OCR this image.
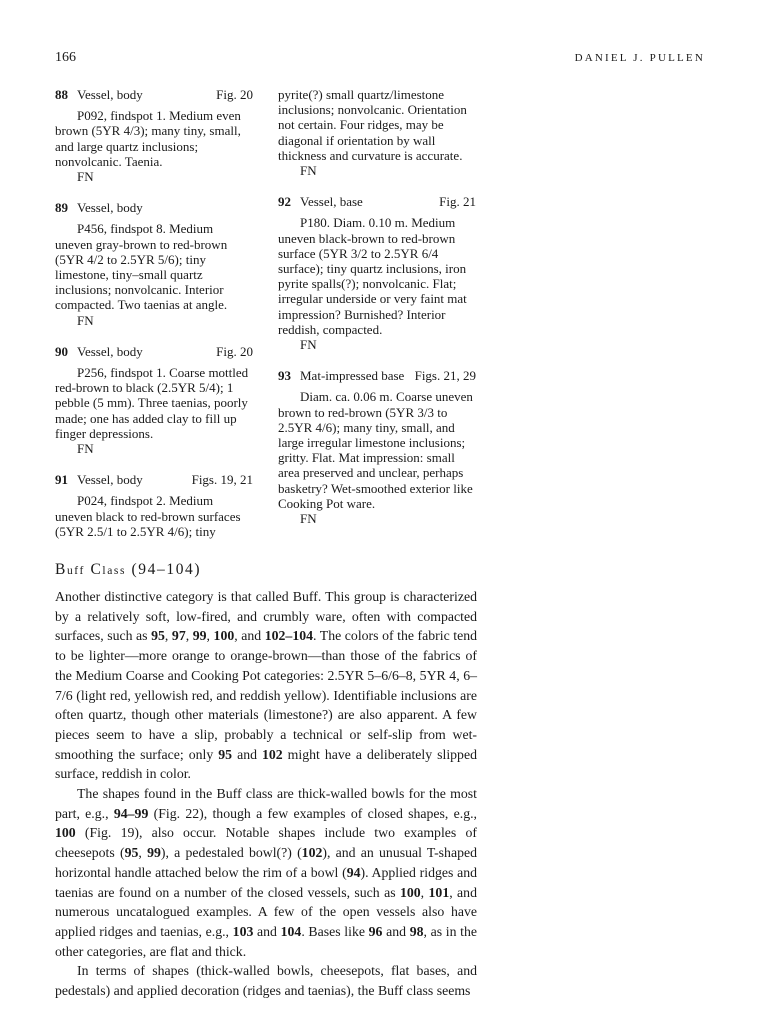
166	DANIEL J. PULLEN
88 Vessel, body	Fig. 20
P092, findspot 1. Medium even brown (5YR 4/3); many tiny, small, and large quartz inclusions; nonvolcanic. Taenia.
FN
89 Vessel, body
P456, findspot 8. Medium uneven gray-brown to red-brown (5YR 4/2 to 2.5YR 5/6); tiny limestone, tiny–small quartz inclusions; nonvolcanic. Interior compacted. Two taenias at angle.
FN
90 Vessel, body	Fig. 20
P256, findspot 1. Coarse mottled red-brown to black (2.5YR 5/4); 1 pebble (5 mm). Three taenias, poorly made; one has added clay to fill up finger depressions.
FN
91 Vessel, body	Figs. 19, 21
P024, findspot 2. Medium uneven black to red-brown surfaces (5YR 2.5/1 to 2.5YR 4/6); tiny
pyrite(?) small quartz/limestone inclusions; nonvolcanic. Orientation not certain. Four ridges, may be diagonal if orientation by wall thickness and curvature is accurate.
FN
92 Vessel, base	Fig. 21
P180. Diam. 0.10 m. Medium uneven black-brown to red-brown surface (5YR 3/2 to 2.5YR 6/4 surface); tiny quartz inclusions, iron pyrite spalls(?); nonvolcanic. Flat; irregular underside or very faint mat impression? Burnished? Interior reddish, compacted.
FN
93 Mat-impressed base Figs. 21, 29
Diam. ca. 0.06 m. Coarse uneven brown to red-brown (5YR 3/3 to 2.5YR 4/6); many tiny, small, and large irregular limestone inclusions; gritty. Flat. Mat impression: small area preserved and unclear, perhaps basketry? Wet-smoothed exterior like Cooking Pot ware.
FN
Buff Class (94–104)

Another distinctive category is that called Buff. This group is characterized by a relatively soft, low-fired, and crumbly ware, often with compacted surfaces, such as 95, 97, 99, 100, and 102–104. The colors of the fabric tend to be lighter—more orange to orange-brown—than those of the fabrics of the Medium Coarse and Cooking Pot categories: 2.5YR 5–6/6–8, 5YR 4, 6–7/6 (light red, yellowish red, and reddish yellow). Identifiable inclusions are often quartz, though other materials (limestone?) are also apparent. A few pieces seem to have a slip, probably a technical or self-slip from wet-smoothing the surface; only 95 and 102 might have a deliberately slipped surface, reddish in color.

The shapes found in the Buff class are thick-walled bowls for the most part, e.g., 94–99 (Fig. 22), though a few examples of closed shapes, e.g., 100 (Fig. 19), also occur. Notable shapes include two examples of cheesepots (95, 99), a pedestaled bowl(?) (102), and an unusual T-shaped horizontal handle attached below the rim of a bowl (94). Applied ridges and taenias are found on a number of the closed vessels, such as 100, 101, and numerous uncatalogued examples. A few of the open vessels also have applied ridges and taenias, e.g., 103 and 104. Bases like 96 and 98, as in the other categories, are flat and thick.

In terms of shapes (thick-walled bowls, cheesepots, flat bases, and pedestals) and applied decoration (ridges and taenias), the Buff class seems
